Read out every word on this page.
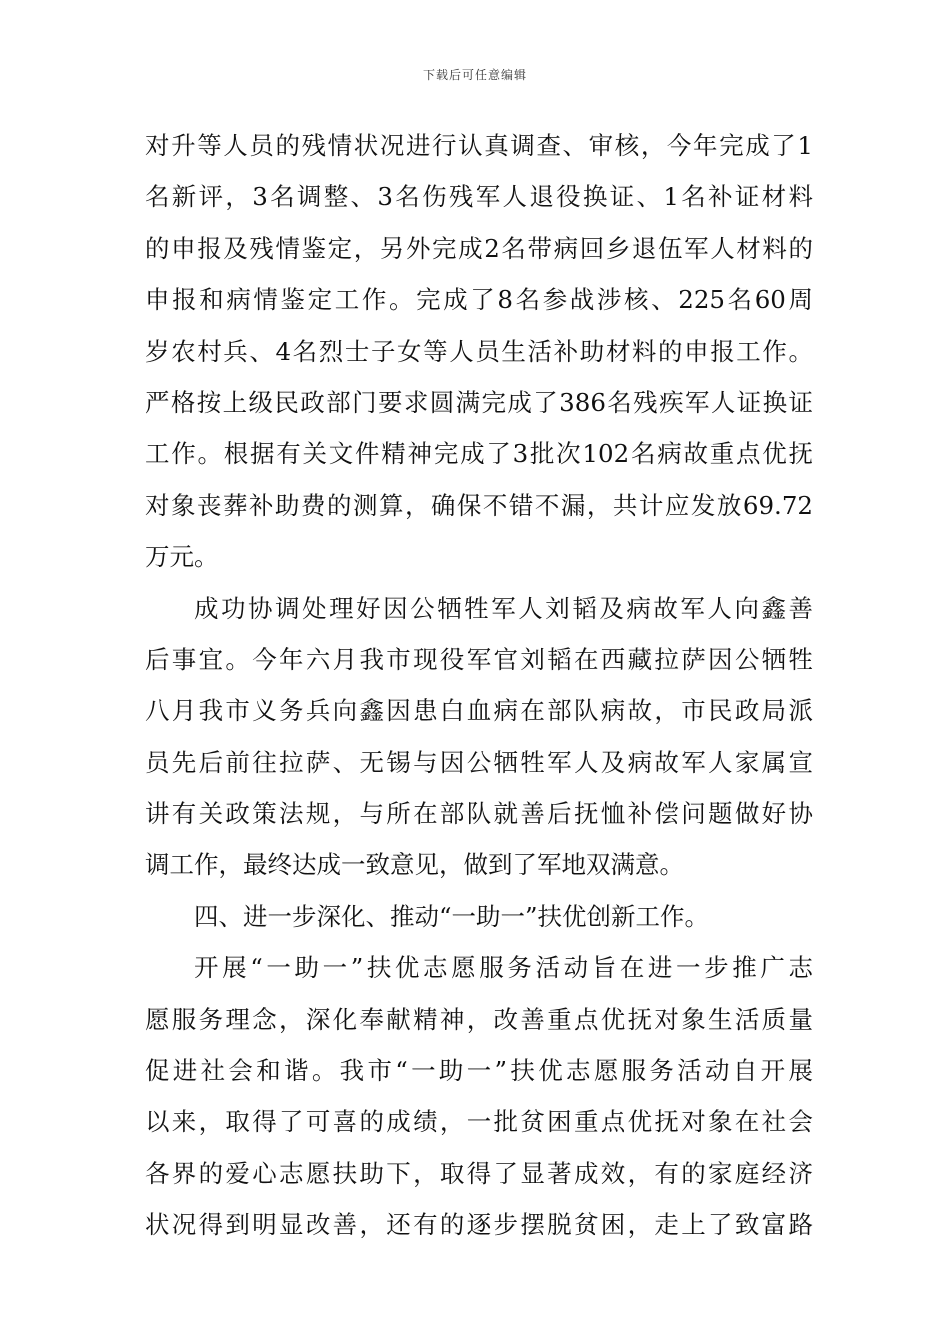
下载后可任意编辑
对升等人员的残情状况进行认真调查、审核，今年完成了1
名新评，3名调整、3名伤残军人退役换证、1名补证材料
的申报及残情鉴定，另外完成2名带病回乡退伍军人材料的
申报和病情鉴定工作。完成了8名参战涉核、225名60周
岁农村兵、4名烈士子女等人员生活补助材料的申报工作。
严格按上级民政部门要求圆满完成了386名残疾军人证换证
工作。根据有关文件精神完成了3批次102名病故重点优抚
对象丧葬补助费的测算，确保不错不漏，共计应发放69.72
万元。
成功协调处理好因公牺牲军人刘韬及病故军人向鑫善
后事宜。今年六月我市现役军官刘韬在西藏拉萨因公牺牲
八月我市义务兵向鑫因患白血病在部队病故，市民政局派
员先后前往拉萨、无锡与因公牺牲军人及病故军人家属宣
讲有关政策法规，与所在部队就善后抚恤补偿问题做好协
调工作，最终达成一致意见，做到了军地双满意。
四、进一步深化、推动“一助一”扶优创新工作。
开展“一助一”扶优志愿服务活动旨在进一步推广志
愿服务理念，深化奉献精神，改善重点优抚对象生活质量
促进社会和谐。我市“一助一”扶优志愿服务活动自开展
以来，取得了可喜的成绩，一批贫困重点优抚对象在社会
各界的爱心志愿扶助下，取得了显著成效，有的家庭经济
状况得到明显改善，还有的逐步摆脱贫困，走上了致富路
